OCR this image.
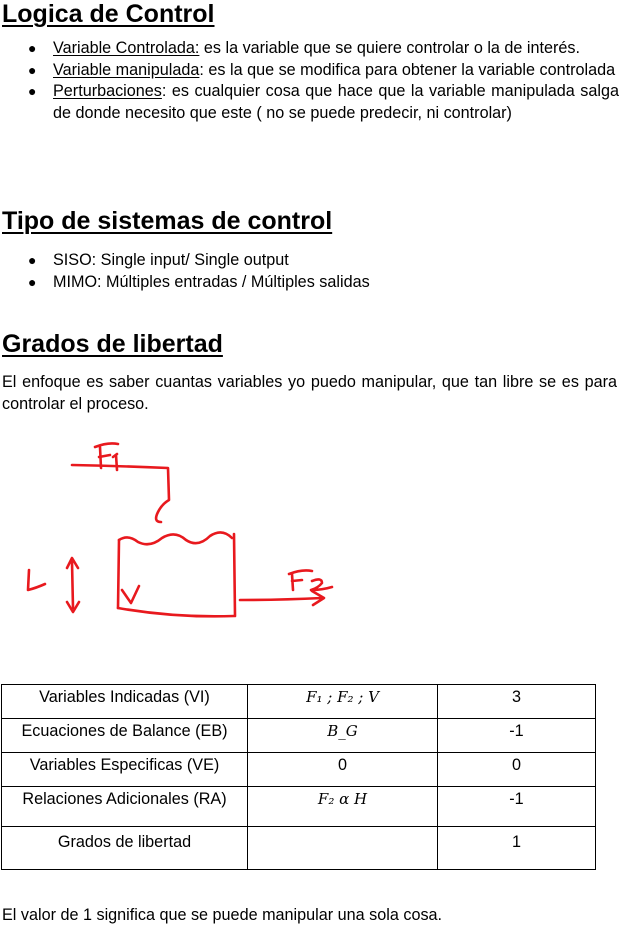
Logica de Control
● Variable Controlada: es la variable que se quiere controlar o la de interés.
● Variable manipulada: es la que se modifica para obtener la variable controlada
● Perturbaciones: es cualquier cosa que hace que la variable manipulada salga de donde necesito que este ( no se puede predecir, ni controlar)
Tipo de sistemas de control
● SISO: Single input/ Single output
● MIMO: Múltiples entradas / Múltiples salidas
Grados de libertad

El enfoque es saber cuantas variables yo puedo manipular, que tan libre se es para controlar el proceso.

Variables Indicadas (VI)	F₁ ; F₂ ; V	3
Ecuaciones de Balance (EB)	B_G	-1
Variables Especificas (VE)	0	0
Relaciones Adicionales (RA)	F₂ α H	-1
Grados de libertad		1

El valor de 1 significa que se puede manipular una sola cosa.
